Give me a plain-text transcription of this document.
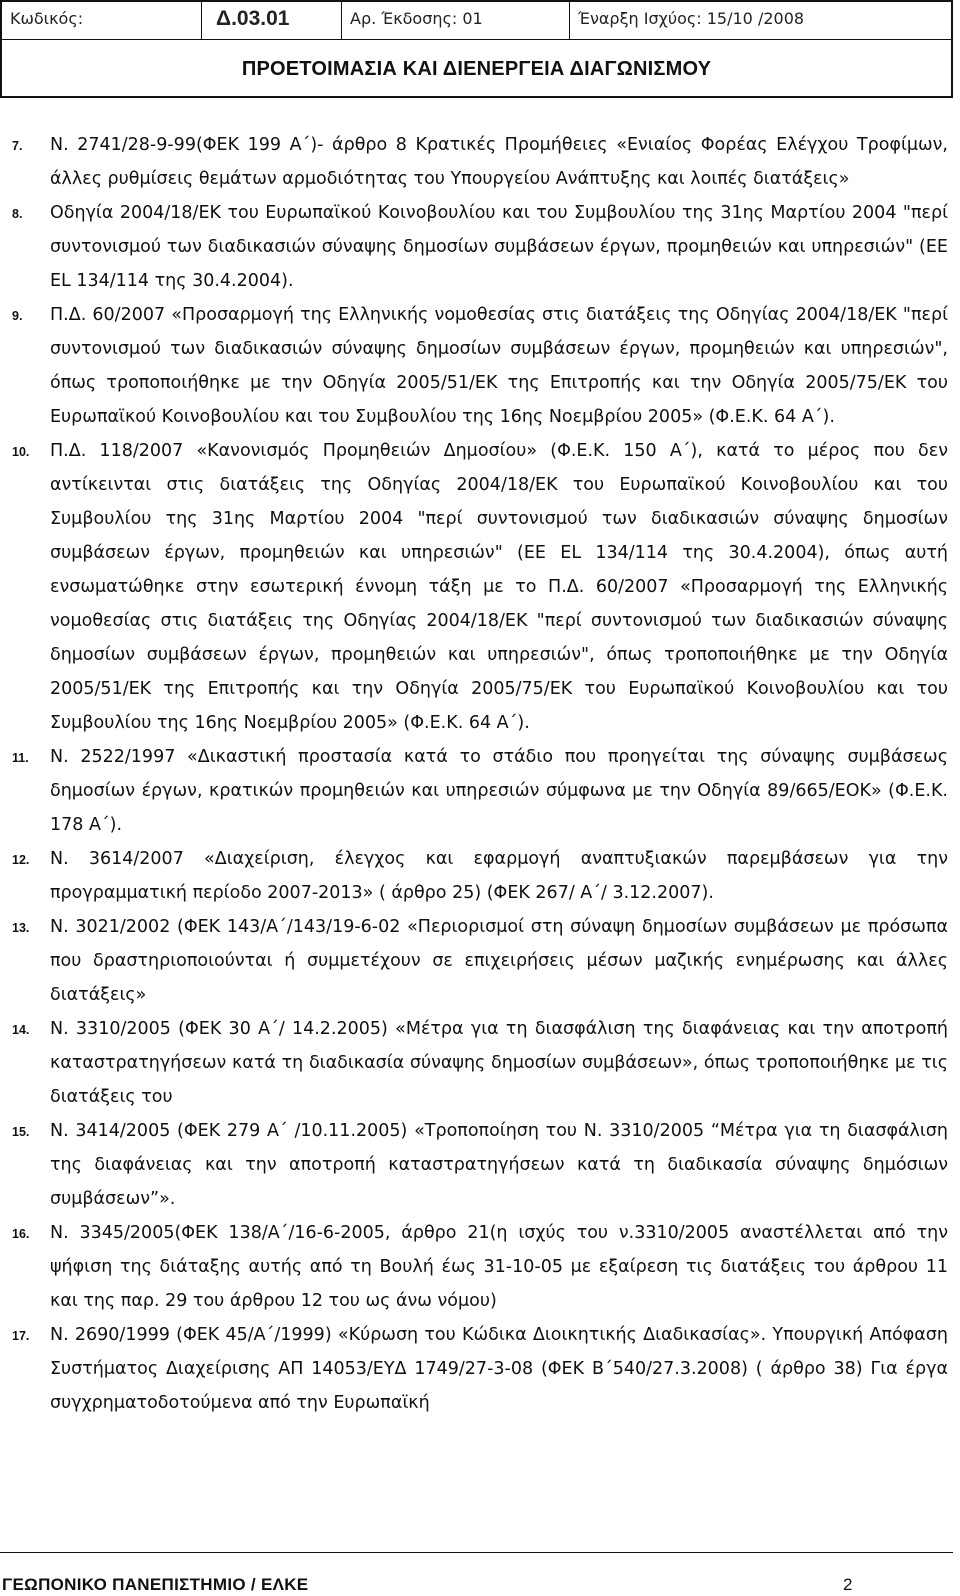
Κωδικός:	Δ.03.01	Αρ. Έκδοσης: 01	Έναρξη Ισχύος: 15/10 /2008
ΠΡΟΕΤΟΙΜΑΣΙΑ ΚΑΙ ΔΙΕΝΕΡΓΕΙΑ ΔΙΑΓΩΝΙΣΜΟΥ
7. Ν. 2741/28-9-99(ΦΕΚ 199 Α΄)- άρθρο 8 Κρατικές Προμήθειες «Ενιαίος Φορέας Ελέγχου Τροφίμων, άλλες ρυθμίσεις θεμάτων αρμοδιότητας του Υπουργείου Ανάπτυξης και λοιπές διατάξεις»
8. Οδηγία 2004/18/ΕΚ του Ευρωπαϊκού Κοινοβουλίου και του Συμβουλίου της 31ης Μαρτίου 2004 "περί συντονισμού των διαδικασιών σύναψης δημοσίων συμβάσεων έργων, προμηθειών και υπηρεσιών" (ΕΕ EL 134/114 της 30.4.2004).
9. Π.Δ. 60/2007 «Προσαρμογή της Ελληνικής νομοθεσίας στις διατάξεις της Οδηγίας 2004/18/ΕΚ "περί συντονισμού των διαδικασιών σύναψης δημοσίων συμβάσεων έργων, προμηθειών και υπηρεσιών", όπως τροποποιήθηκε με την Οδηγία 2005/51/ΕΚ της Επιτροπής και την Οδηγία 2005/75/ΕΚ του Ευρωπαϊκού Κοινοβουλίου και του Συμβουλίου της 16ης Νοεμβρίου 2005» (Φ.Ε.Κ. 64 Α΄).
10. Π.Δ. 118/2007 «Κανονισμός Προμηθειών Δημοσίου» (Φ.Ε.Κ. 150 Α΄), κατά το μέρος που δεν αντίκεινται στις διατάξεις της Οδηγίας 2004/18/ΕΚ του Ευρωπαϊκού Κοινοβουλίου και του Συμβουλίου της 31ης Μαρτίου 2004 "περί συντονισμού των διαδικασιών σύναψης δημοσίων συμβάσεων έργων, προμηθειών και υπηρεσιών" (ΕΕ EL 134/114 της 30.4.2004), όπως αυτή ενσωματώθηκε στην εσωτερική έννομη τάξη με το Π.Δ. 60/2007 «Προσαρμογή της Ελληνικής νομοθεσίας στις διατάξεις της Οδηγίας 2004/18/ΕΚ "περί συντονισμού των διαδικασιών σύναψης δημοσίων συμβάσεων έργων, προμηθειών και υπηρεσιών", όπως τροποποιήθηκε με την Οδηγία 2005/51/ΕΚ της Επιτροπής και την Οδηγία 2005/75/ΕΚ του Ευρωπαϊκού Κοινοβουλίου και του Συμβουλίου της 16ης Νοεμβρίου 2005» (Φ.Ε.Κ. 64 Α΄).
11. Ν. 2522/1997 «Δικαστική προστασία κατά το στάδιο που προηγείται της σύναψης συμβάσεως δημοσίων έργων, κρατικών προμηθειών και υπηρεσιών σύμφωνα με την Οδηγία 89/665/ΕΟΚ» (Φ.Ε.Κ. 178 Α΄).
12. Ν. 3614/2007 «Διαχείριση, έλεγχος και εφαρμογή αναπτυξιακών παρεμβάσεων για την προγραμματική περίοδο 2007-2013» ( άρθρο 25) (ΦΕΚ 267/ Α΄/ 3.12.2007).
13. Ν. 3021/2002 (ΦΕΚ 143/Α΄/143/19-6-02 «Περιορισμοί στη σύναψη δημοσίων συμβάσεων με πρόσωπα που δραστηριοποιούνται ή συμμετέχουν σε επιχειρήσεις μέσων μαζικής ενημέρωσης και άλλες διατάξεις»
14. Ν. 3310/2005 (ΦΕΚ 30 Α΄/ 14.2.2005) «Μέτρα για τη διασφάλιση της διαφάνειας και την αποτροπή καταστρατηγήσεων κατά τη διαδικασία σύναψης δημοσίων συμβάσεων», όπως τροποποιήθηκε με τις διατάξεις του
15. Ν. 3414/2005 (ΦΕΚ 279 Α΄ /10.11.2005) «Τροποποίηση του Ν. 3310/2005 “Μέτρα για τη διασφάλιση της διαφάνειας και την αποτροπή καταστρατηγήσεων κατά τη διαδικασία σύναψης δημόσιων συμβάσεων”».
16. Ν. 3345/2005(ΦΕΚ 138/Α΄/16-6-2005, άρθρο 21(η ισχύς του ν.3310/2005 αναστέλλεται από την ψήφιση της διάταξης αυτής από τη Βουλή έως 31-10-05 με εξαίρεση τις διατάξεις του άρθρου 11 και της παρ. 29 του άρθρου 12 του ως άνω νόμου)
17. Ν. 2690/1999 (ΦΕΚ 45/Α΄/1999) «Κύρωση του Κώδικα Διοικητικής Διαδικασίας». Υπουργική Απόφαση Συστήματος Διαχείρισης ΑΠ 14053/ΕΥΔ 1749/27-3-08 (ΦΕΚ Β΄540/27.3.2008) ( άρθρο 38) Για έργα συγχρηματοδοτούμενα από την Ευρωπαϊκή
ΓΕΩΠΟΝΙΚΟ ΠΑΝΕΠΙΣΤΗΜΙΟ / ΕΛΚΕ	2
